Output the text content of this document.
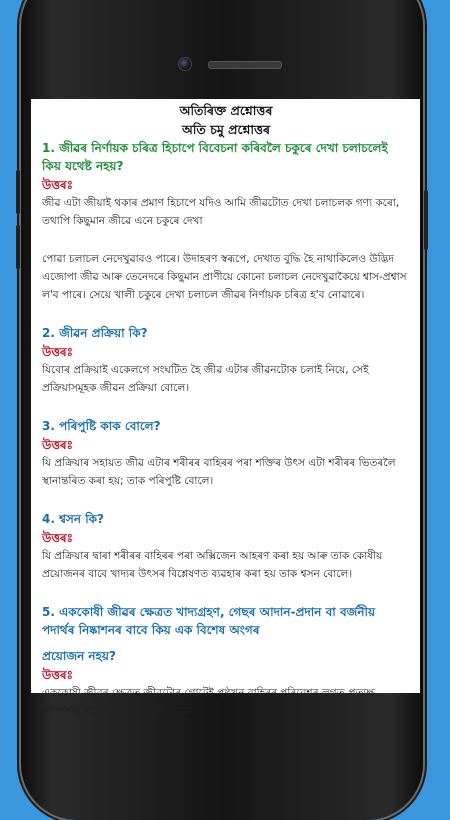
অতিৰিক্ত প্ৰশ্নোত্তৰ

অতি চমু প্ৰশ্নোত্তৰ

1. জীৱৰ নিৰ্ণায়ক চৰিত্ৰ হিচাপে বিবেচনা কৰিবলৈ চকুৰে দেখা চলাচলেই কিয় যথেষ্ট নহয়?

উত্তৰঃ

জীৱ এটা জীয়াই থকাৰ প্ৰমাণ হিচাপে যদিও আমি জীৱটোত দেখা চলাচলক গণ্য কৰো, তথাপি কিছুমান জীৱে এনে চকুৰে দেখা

পোৱা চলাচল নেদেখুৱাবও পাৰে। উদাহৰণ স্বৰূপে, দেখাত বুদ্ধি হৈ নাথাকিলেও উদ্ভিদ এজোপা জীৱ আৰু তেনেদৰে কিছুমান প্ৰাণীয়ে কোনো চলাচল নেদেখুৱাকৈয়ে শ্বাস-প্ৰশ্বাস ল'ব পাৰে। সেয়ে খালী চকুৰে দেখা চলাচল জীৱৰ নিৰ্ণায়ক চৰিত্ৰ হ'ব নোৱাৰে।

2. জীৱন প্ৰক্ৰিয়া কি?

উত্তৰঃ

যিবোৰ প্ৰক্ৰিয়াই একেলগে সংঘটিত হৈ জীৱ এটাৰ জীৱনটোক চলাই নিয়ে, সেই প্ৰক্ৰিয়াসমূহক জীৱন প্ৰক্ৰিয়া বোলে।

3. পৰিপুষ্টি কাক বোলে?

উত্তৰঃ

যি প্ৰক্ৰিয়াৰ সহায়ত জীৱ এটাৰ শৰীৰৰ বাহিৰৰ পৰা শক্তিৰ উৎস এটা শৰীৰৰ ভিতৰলৈ স্থানান্তৰিত কৰা হয়; তাক পৰিপুষ্টি বোলে।

4. শ্বসন কি?

উত্তৰঃ

যি প্ৰক্ৰিয়াৰ দ্বাৰা শৰীৰৰ বাহিৰৰ পৰা অক্সিজেন আহৰণ কৰা হয় আৰু তাক কোষীয় প্ৰয়োজনৰ বাবে খাদ্যৰ উৎসৰ বিশ্লেষণত ব্যৱহাৰ কৰা হয় তাক শ্বসন বোলে।

5. এককোষী জীৱৰ ক্ষেত্ৰত খাদ্যগ্ৰহণ, গেছৰ আদান-প্ৰদান বা বৰ্জনীয় পদাৰ্থৰ নিষ্কাশনৰ বাবে কিয় এক বিশেষ অংগৰ

প্ৰয়োজন নহয়?

উত্তৰঃ

এককোষী জীৱৰ ক্ষেত্ৰত জীৱটোৰ গোটেই পৃষ্ঠখন বাহিৰৰ পৰিবেশৰ লগত প্ৰত্যক্ষ সংস্পৰ্শত থাকে। সেয়েহে এনে জীৱৰ
